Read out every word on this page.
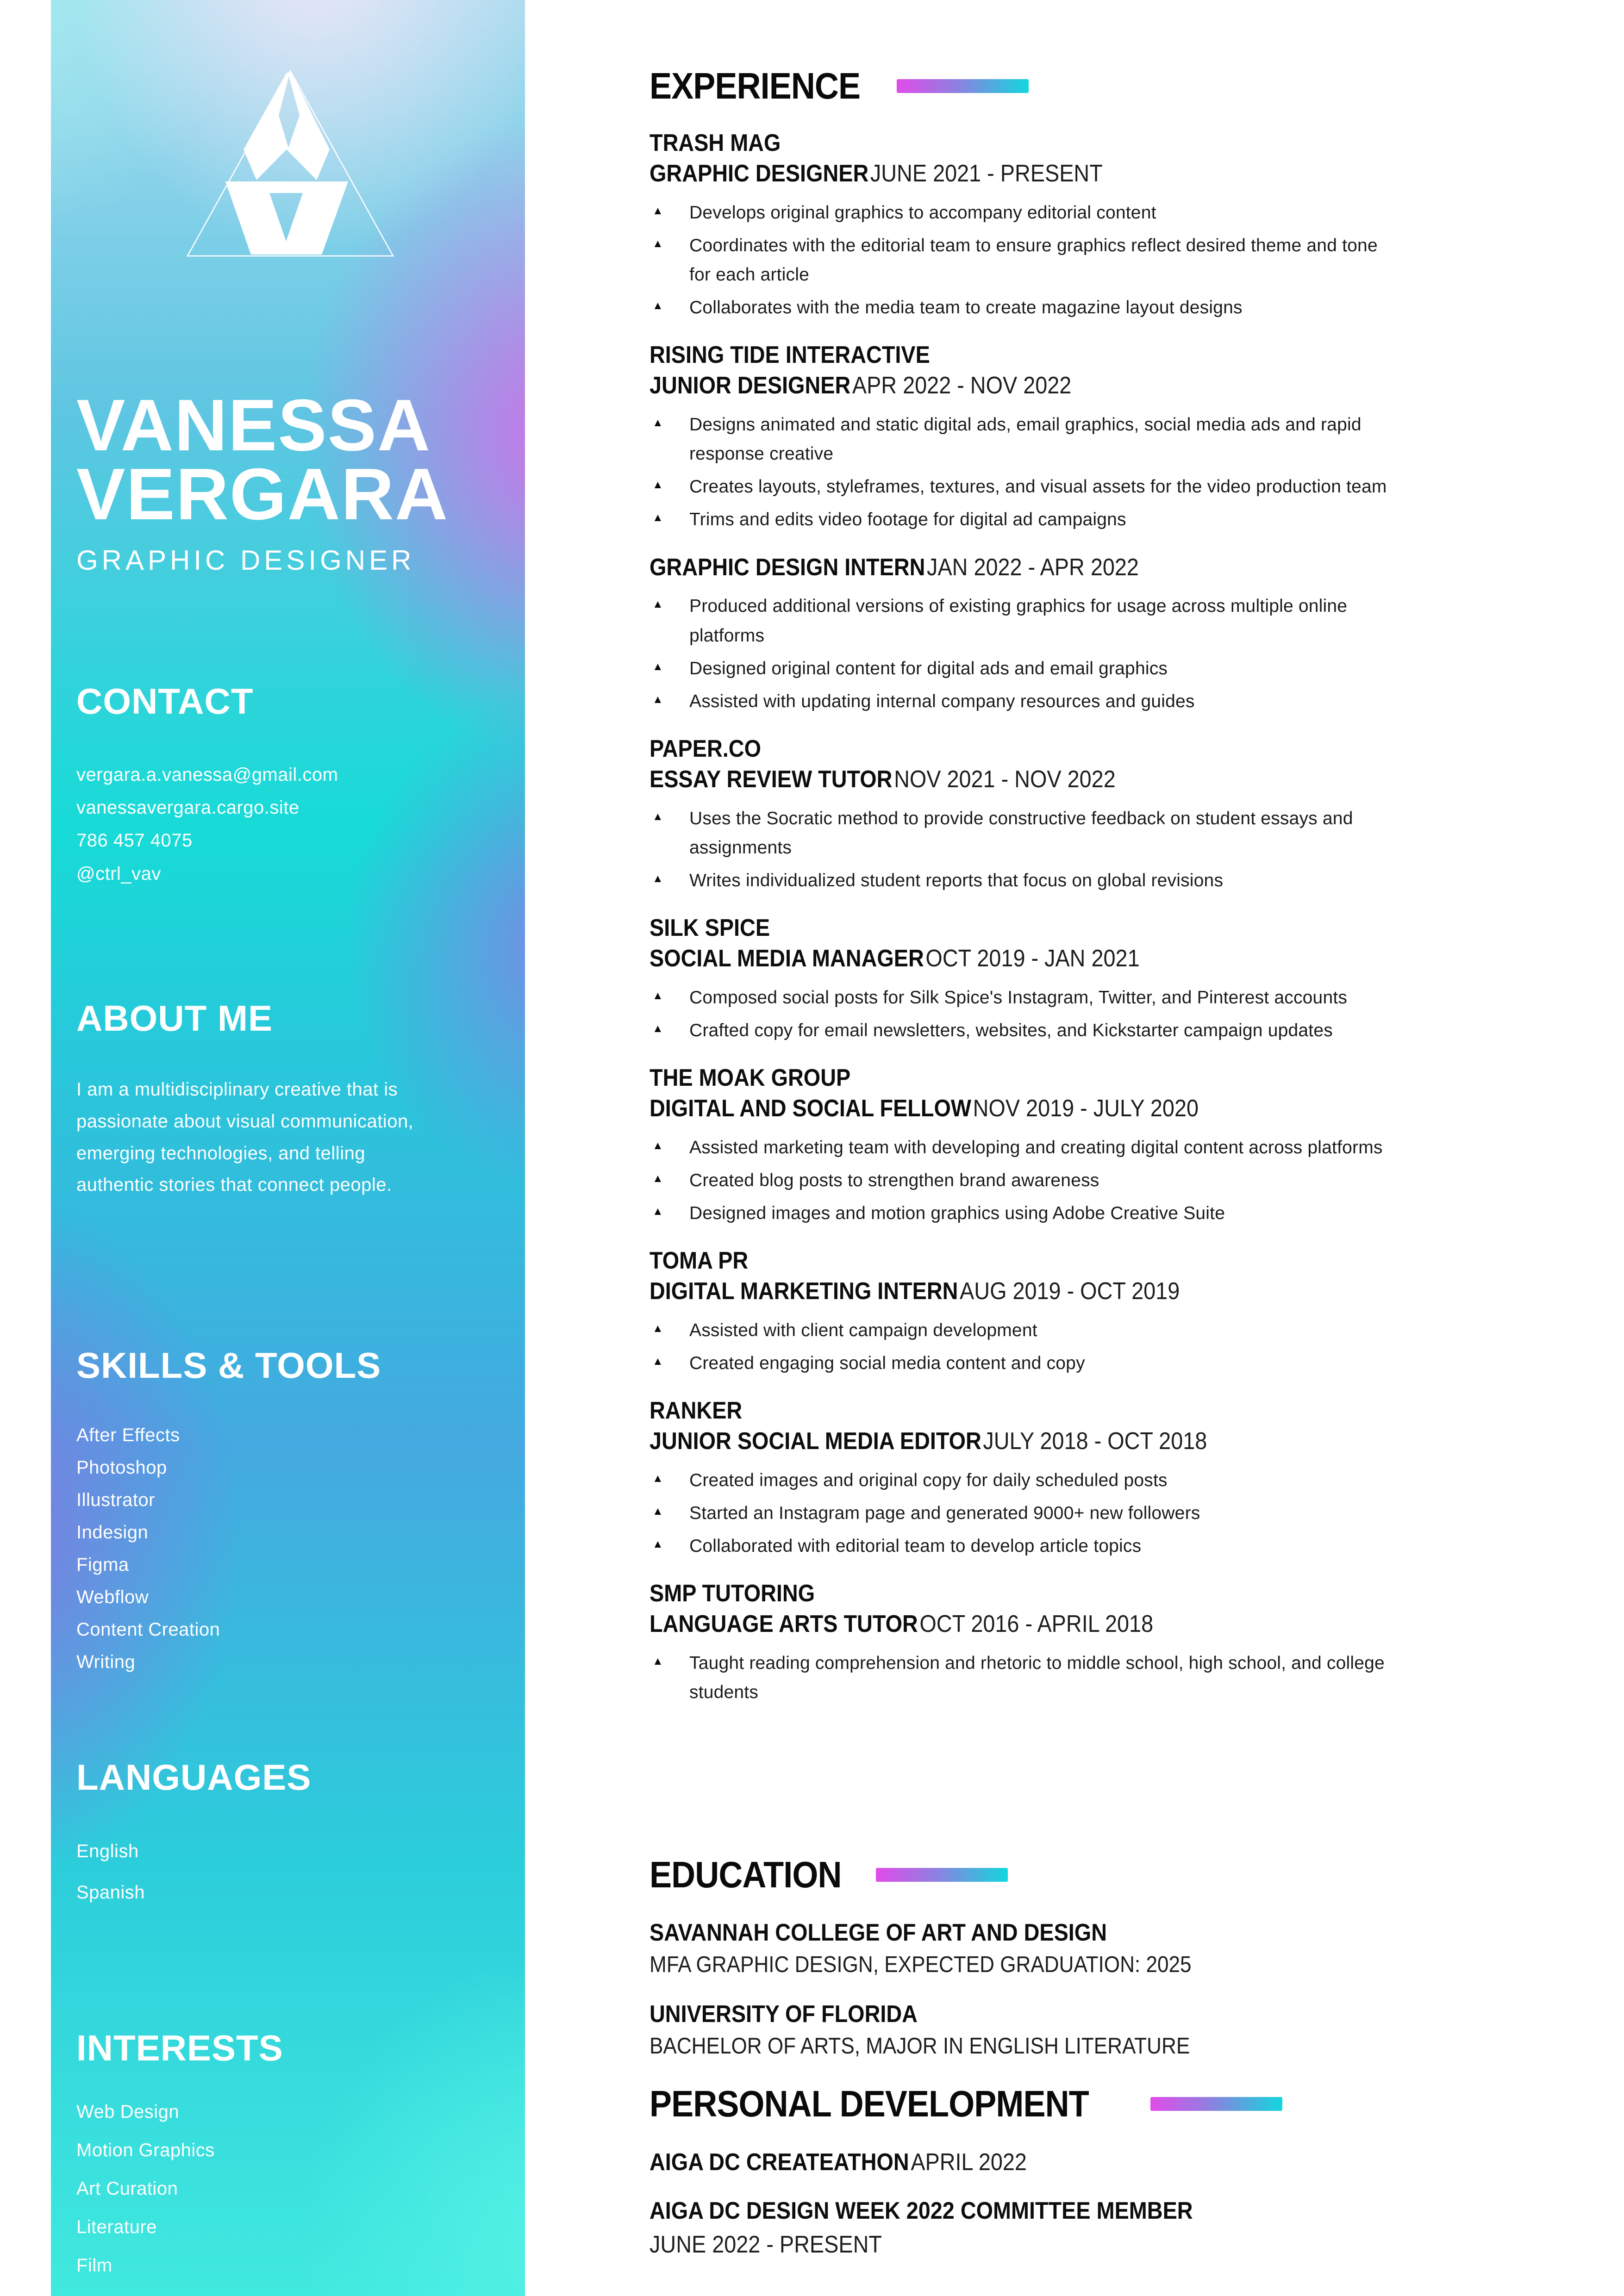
VANESSA
VERGARA
GRAPHIC DESIGNER
CONTACT
vergara.a.vanessa@gmail.com
vanessavergara.cargo.site
786 457 4075
@ctrl_vav
ABOUT ME

I am a multidisciplinary creative that is passionate about visual communication, emerging technologies, and telling authentic stories that connect people.

SKILLS & TOOLS
After Effects
Photoshop
Illustrator
Indesign
Figma
Webflow
Content Creation
Writing
LANGUAGES
English
Spanish
INTERESTS
Web Design
Motion Graphics
Art Curation
Literature
Film
EXPERIENCE
TRASH MAG
GRAPHIC DESIGNERJUNE 2021 - PRESENT
▲	Develops original graphics to accompany editorial content

▲	Coordinates with the editorial team to ensure graphics reflect desired theme and tone for each article

▲	Collaborates with the media team to create magazine layout designs

RISING TIDE INTERACTIVE
JUNIOR DESIGNERAPR 2022 - NOV 2022
▲	Designs animated and static digital ads, email graphics, social media ads and rapid response creative

▲	Creates layouts, styleframes, textures, and visual assets for the video production team

▲	Trims and edits video footage for digital ad campaigns

GRAPHIC DESIGN INTERNJAN 2022 - APR 2022
▲	Produced additional versions of existing graphics for usage across multiple online platforms

▲	Designed original content for digital ads and email graphics

▲	Assisted with updating internal company resources and guides

PAPER.CO
ESSAY REVIEW TUTORNOV 2021 - NOV 2022
▲	Uses the Socratic method to provide constructive feedback on student essays and assignments

▲	Writes individualized student reports that focus on global revisions

SILK SPICE
SOCIAL MEDIA MANAGEROCT 2019 - JAN 2021
▲	Composed social posts for Silk Spice's Instagram, Twitter, and Pinterest accounts

▲	Crafted copy for email newsletters, websites, and Kickstarter campaign updates

THE MOAK GROUP
DIGITAL AND SOCIAL FELLOWNOV 2019 - JULY 2020
▲	Assisted marketing team with developing and creating digital content across platforms

▲	Created blog posts to strengthen brand awareness

▲	Designed images and motion graphics using Adobe Creative Suite

TOMA PR
DIGITAL MARKETING INTERNAUG 2019 - OCT 2019
▲	Assisted with client campaign development

▲	Created engaging social media content and copy

RANKER
JUNIOR SOCIAL MEDIA EDITORJULY 2018 - OCT 2018
▲	Created images and original copy for daily scheduled posts

▲	Started an Instagram page and generated 9000+ new followers

▲	Collaborated with editorial team to develop article topics

SMP TUTORING
LANGUAGE ARTS TUTOROCT 2016 - APRIL 2018
▲	Taught reading comprehension and rhetoric to middle school, high school, and college students

EDUCATION
SAVANNAH COLLEGE OF ART AND DESIGN
MFA GRAPHIC DESIGN, EXPECTED GRADUATION: 2025
UNIVERSITY OF FLORIDA
BACHELOR OF ARTS, MAJOR IN ENGLISH LITERATURE
PERSONAL DEVELOPMENT
AIGA DC CREATEATHONAPRIL 2022
AIGA DC DESIGN WEEK 2022 COMMITTEE MEMBER
JUNE 2022 - PRESENT
